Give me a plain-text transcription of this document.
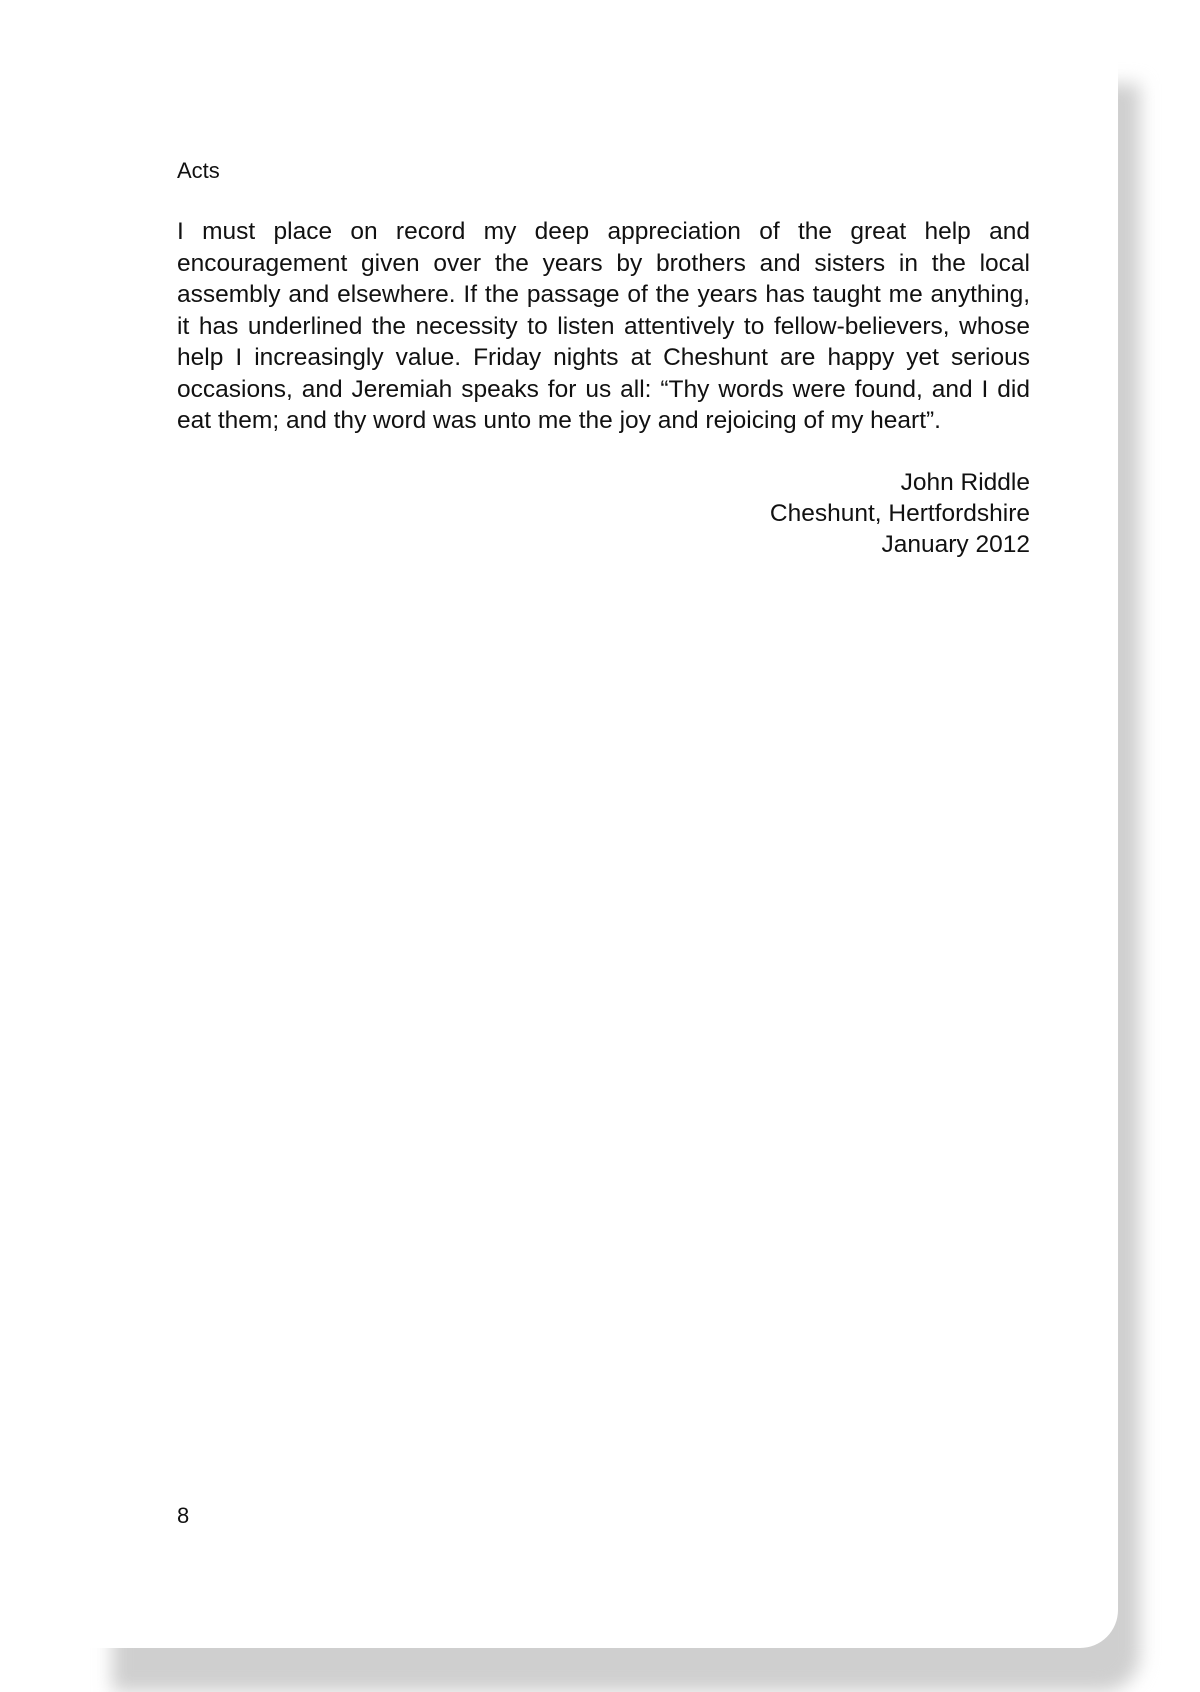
Acts

I must place on record my deep appreciation of the great help and encouragement given over the years by brothers and sisters in the local assembly and elsewhere. If the passage of the years has taught me anything, it has underlined the necessity to listen attentively to fellow-believers, whose help I increasingly value. Friday nights at Cheshunt are happy yet serious occasions, and Jeremiah speaks for us all: “Thy words were found, and I did eat them; and thy word was unto me the joy and rejoicing of my heart”.

John Riddle
Cheshunt, Hertfordshire
January 2012
8
